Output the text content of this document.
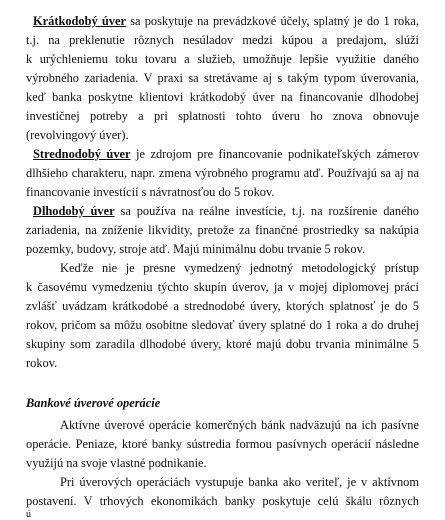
Krátkodobý úver sa poskytuje na prevádzkové účely, splatný je do 1 roka,
t.j. na preklenutie rôznych nesúladov medzi kúpou a predajom, slúži
k urýchleniemu toku tovaru a služieb, umožňuje lepšie využitie daného
výrobného zariadenia. V praxi sa stretávame aj s takým typom úverovania,
keď banka poskytne klientovi krátkodobý úver na financovanie dlhodobej
investičnej potreby a pri splatnosti tohto úveru ho znova obnovuje
(revolvingový úver).
Strednodobý úver je zdrojom pre financovanie podnikateľských zámerov
dlhšieho charakteru, napr. zmena výrobného programu atď. Používajú sa aj na
financovanie investícií s návratnosťou do 5 rokov.
Dlhodobý úver sa používa na reálne investície, t.j. na rozšírenie daného
zariadenia, na zníženie likvidity, pretože za finančné prostriedky sa nakúpia
pozemky, budovy, stroje atď. Majú minimálnu dobu trvanie 5 rokov.
Keďže nie je presne vymedzený jednotný metodologický prístup
k časovému vymedzeniu týchto skupín úverov, ja v mojej diplomovej práci
zvlášť uvádzam krátkodobé a strednodobé úvery, ktorých splatnosť je do 5
rokov, pričom sa môžu osobitne sledovať úvery splatné do 1 roka a do druhej
skupiny som zaradila dlhodobé úvery, ktoré majú dobu trvania minimálne 5
rokov.
Bankové úverové operácie
Aktívne úverové operácie komerčných bánk nadväzujú na ich pasívne
operácie. Peniaze, ktoré banky sústredia formou pasívnych operácií následne
využijú na svoje vlastné podnikanie.
Pri úverových operáciách vystupuje banka ako veriteľ, je v aktívnom
postavení. V trhových ekonomikách banky poskytuje celú škálu rôznych
ú
